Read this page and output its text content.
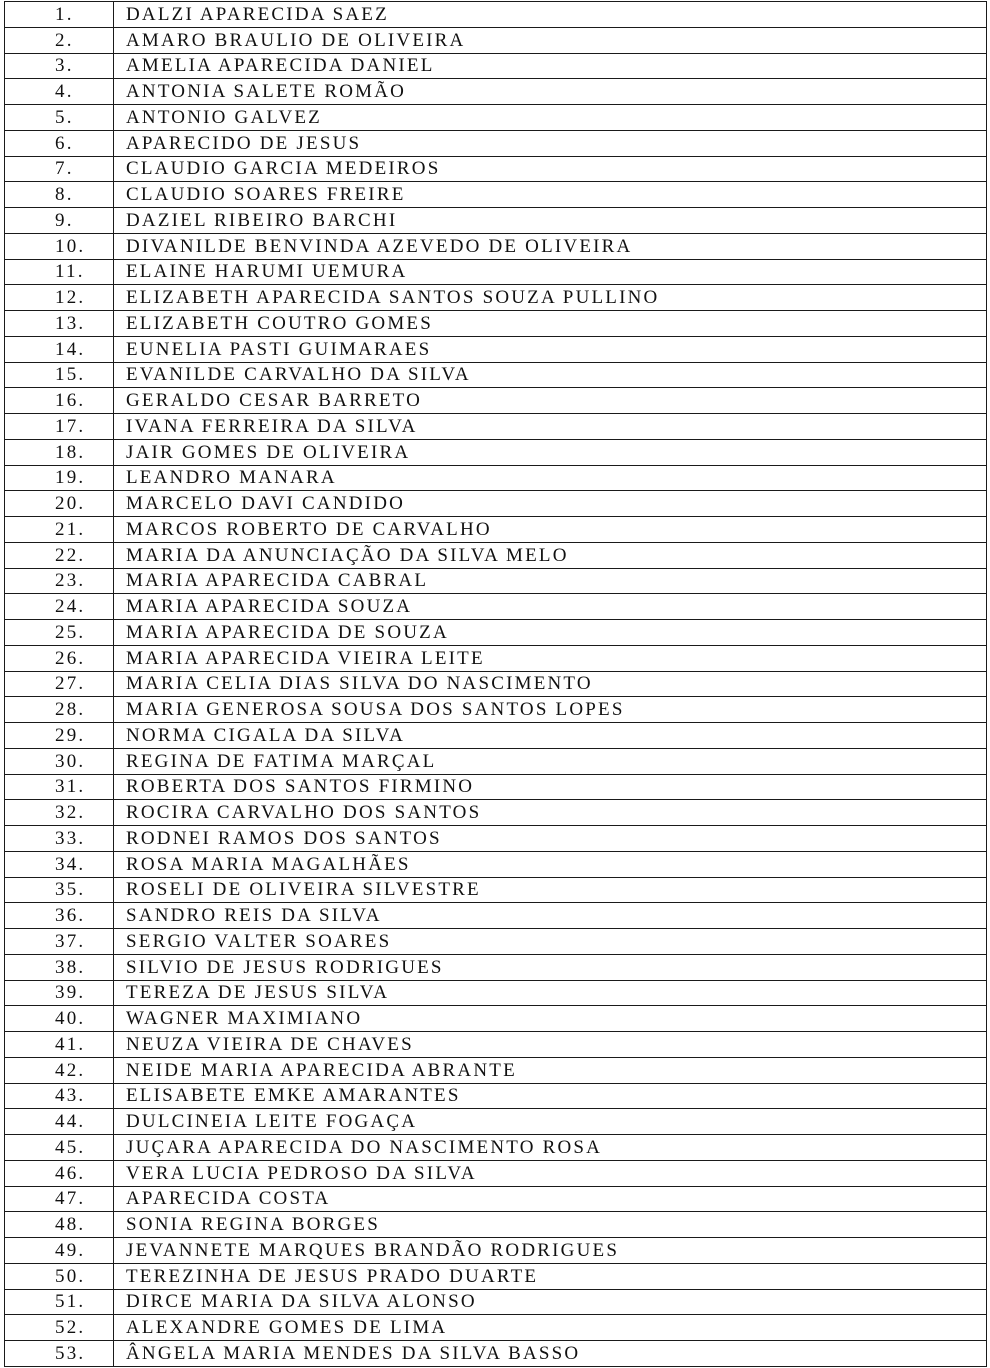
1.	DALZI APARECIDA SAEZ
2.	AMARO BRAULIO DE OLIVEIRA
3.	AMELIA APARECIDA DANIEL
4.	ANTONIA SALETE ROMÃO
5.	ANTONIO GALVEZ
6.	APARECIDO DE JESUS
7.	CLAUDIO GARCIA MEDEIROS
8.	CLAUDIO SOARES FREIRE
9.	DAZIEL RIBEIRO BARCHI
10.	DIVANILDE BENVINDA AZEVEDO DE OLIVEIRA
11.	ELAINE HARUMI UEMURA
12.	ELIZABETH APARECIDA SANTOS SOUZA PULLINO
13.	ELIZABETH COUTRO GOMES
14.	EUNELIA PASTI GUIMARAES
15.	EVANILDE CARVALHO DA SILVA
16.	GERALDO CESAR BARRETO
17.	IVANA FERREIRA DA SILVA
18.	JAIR GOMES DE OLIVEIRA
19.	LEANDRO MANARA
20.	MARCELO DAVI CANDIDO
21.	MARCOS ROBERTO DE CARVALHO
22.	MARIA DA ANUNCIAÇÃO DA SILVA MELO
23.	MARIA APARECIDA CABRAL
24.	MARIA APARECIDA SOUZA
25.	MARIA APARECIDA DE SOUZA
26.	MARIA APARECIDA VIEIRA LEITE
27.	MARIA CELIA DIAS SILVA DO NASCIMENTO
28.	MARIA GENEROSA SOUSA DOS SANTOS LOPES
29.	NORMA CIGALA DA SILVA
30.	REGINA DE FATIMA MARÇAL
31.	ROBERTA DOS SANTOS FIRMINO
32.	ROCIRA CARVALHO DOS SANTOS
33.	RODNEI RAMOS DOS SANTOS
34.	ROSA MARIA MAGALHÃES
35.	ROSELI DE OLIVEIRA SILVESTRE
36.	SANDRO REIS DA SILVA
37.	SERGIO VALTER SOARES
38.	SILVIO DE JESUS RODRIGUES
39.	TEREZA DE JESUS SILVA
40.	WAGNER MAXIMIANO
41.	NEUZA VIEIRA DE CHAVES
42.	NEIDE MARIA APARECIDA ABRANTE
43.	ELISABETE EMKE AMARANTES
44.	DULCINEIA LEITE FOGAÇA
45.	JUÇARA APARECIDA DO NASCIMENTO ROSA
46.	VERA LUCIA PEDROSO DA SILVA
47.	APARECIDA COSTA
48.	SONIA REGINA BORGES
49.	JEVANNETE MARQUES BRANDÃO RODRIGUES
50.	TEREZINHA DE JESUS PRADO DUARTE
51.	DIRCE MARIA DA SILVA ALONSO
52.	ALEXANDRE GOMES DE LIMA
53.	ÂNGELA MARIA MENDES DA SILVA BASSO
